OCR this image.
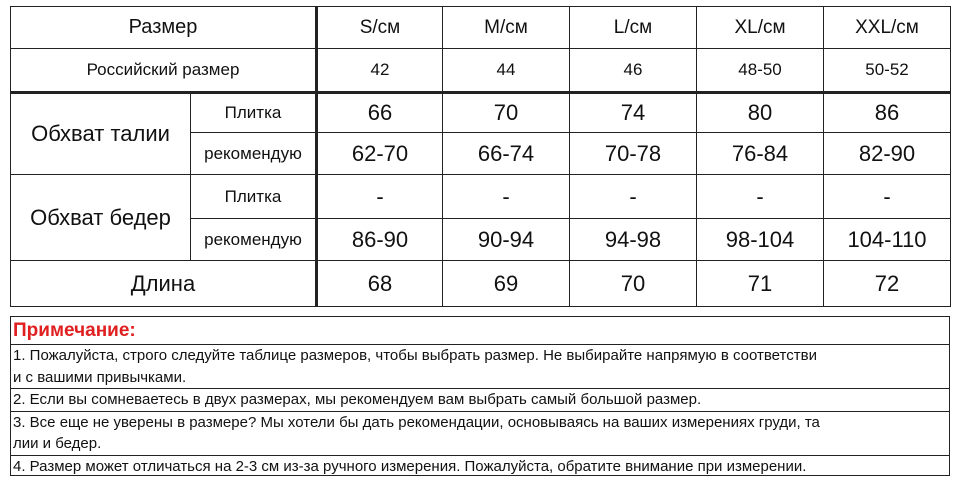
Размер		S/см	M/см	L/см	XL/см	XXL/см
Российский размер		42	44	46	48-50	50-52
Обхват талии	Плитка	66	70	74	80	86
	рекомендую	62-70	66-74	70-78	76-84	82-90
Обхват бедер	Плитка	-	-	-	-	-
	рекомендую	86-90	90-94	94-98	98-104	104-110
Длина		68	69	70	71	72
Примечание:
1. Пожалуйста, строго следуйте таблице размеров, чтобы выбрать размер. Не выбирайте напрямую в соответстви
и с вашими привычками.
2. Если вы сомневаетесь в двух размерах, мы рекомендуем вам выбрать самый большой размер.
3. Все еще не уверены в размере? Мы хотели бы дать рекомендации, основываясь на ваших измерениях груди, та
лии и бедер.
4. Размер может отличаться на 2-3 см из-за ручного измерения. Пожалуйста, обратите внимание при измерении.
